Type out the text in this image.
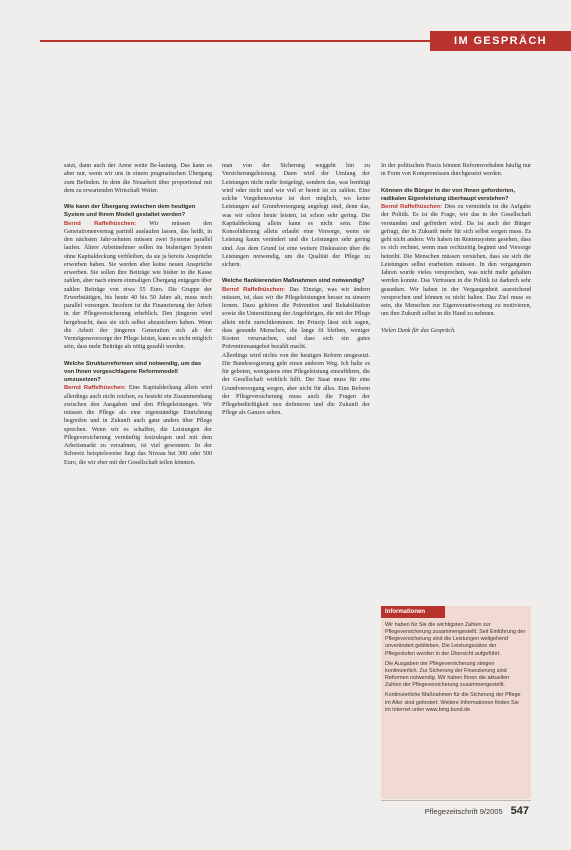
IM GESPRÄCH

satzt, dann auch der Arme weite Be-lastung. Das kann es aber nur, wenn wir uns in einem pragmatischen Übergang zum Befinden. In dem die Neuarbeit über proportional mit dem zu erwartenden Wirtschaft Weiter.

Wie kann der Übergang zwischen dem heutigen System und Ihrem Modell gestaltet werden?

Bernd Raffelhüschen: Wir müssen den Generationenvertrag partiell auslaufen lassen, das heißt, in den nächsten Jahr-zehnten müssen zwei Systeme parallel laufen. Ältere Arbeitnehmer sollen im bisherigen System ohne Kapitaldeckung verbleiben, da sie ja bereits Ansprüche erworben haben. Sie werden aber keine neuen Ansprüche erwerben. Sie sollen ihre Beiträge wie bisher in die Kasse zahlen, aber nach einem einmaligen Übergang entgegen über zahlen Beiträge von etwa 55 Euro. Die Gruppe der Erwerbstätigen, bis heute 40 bis 50 Jahre alt, muss noch parallel vorsorgen. Insofern ist die Finanzierung der Arbeit in der Pflegeversicherung erheblich. Den jüngeren wird hergebracht, dass sie sich selbst abzusichern haben. Wenn die Arbeit der jüngeren Generation sich ab der Vermögensvorsorge der Pflege leistet, kann es nicht möglich sein, dass mehr Beiträge als nötig gezahlt werden.

Welche Strukturreformen sind notwendig, um das von Ihnen vorgeschlagene Reformmodell umzusetzen?

Bernd Raffelhüschen: Eine Kapitaldeckung allein wird allerdings auch nicht reichen, es besteht ein Zusammenhang zwischen den Ausgaben und den Pflegeleistungen. Wir müssen die Pflege als eine eigenständige Einrichtung begreifen und in Zukunft auch ganz anders über Pflege sprechen. Wenn wir es schaffen, die Leistungen der Pflegeversicherung vernünftig festzulegen und mit dem Arbeitsmarkt zu verzahnen, ist viel gewonnen. In der Schweiz beispielsweise liegt das Niveau bei 300 oder 500 Euro, die wir eher mit der Gesellschaft teilen könnten.

man von der Sicherung weggeht hin zu Versicherungsleistung. Dann wird der Umfang der Leistungen nicht mehr festgelegt, sondern das, was benötigt wird oder nicht und wie viel er bereit ist zu zahlen. Eine solche Vorgehensweise ist dort möglich, wo keine Leistungen auf Grundversorgung angelegt sind, denn das, was wir schon heute leisten, ist schon sehr gering. Die Kapitaldeckung allein kann es nicht sein. Eine Konsolidierung allein erlaubt eine Vorsorge, wenn sie Leistung kaum verändert und die Leistungen sehr gering sind. Aus dem Grund ist eine weitere Diskussion über die Leistungen notwendig, um die Qualität der Pflege zu sichern.

Welche flankierenden Maßnahmen sind notwendig?

Bernd Raffelhüschen: Das Einzige, was wir ändern müssen, ist, dass wir die Pflegeleistungen besser zu steuern lernen. Dazu gehören die Prävention und Rehabilitation sowie die Unterstützung der Angehörigen, die mit der Pflege allein nicht zurechtkommen. Im Prinzip lässt sich sagen, dass gesunde Menschen, die lange fit bleiben, weniger Kosten verursachen, und dass sich ein gutes Präventionsangebot bezahlt macht.

Allerdings wird nichts von der heutigen Reform umgesetzt. Die Bundesregierung geht einen anderen Weg. Ich halte es für geboten, wenigstens eine Pflegeleistung einzuführen, die der Gesellschaft wirklich hilft. Der Staat muss für eine Grundversorgung sorgen, aber nicht für alles. Eine Reform der Pflegeversicherung muss auch die Fragen der Pflegebedürftigkeit neu definieren und die Zukunft der Pflege als Ganzes sehen.

In der politischen Praxis können Reformvorhaben häufig nur in Form von Kompromissen durchgesetzt werden.

Können die Bürger in der von Ihnen geforderten, radikalen Eigenleistung überhaupt verstehen?

Bernd Raffelhüschen: Dies zu vermitteln ist die Aufgabe der Politik. Es ist die Frage, wie das in der Gesellschaft verstanden und gefördert wird. Da ist auch der Bürger gefragt, der in Zukunft mehr für sich selbst sorgen muss. Es geht nicht anders: Wir haben im Rentensystem gesehen, dass es sich rechnet, wenn man rechtzeitig beginnt und Vorsorge betreibt. Die Menschen müssen verstehen, dass sie sich die Leistungen selbst erarbeiten müssen. In den vergangenen Jahren wurde vieles versprochen, was nicht mehr gehalten werden konnte. Das Vertrauen in die Politik ist dadurch sehr gesunken. Wir haben in der Vergangenheit ausreichend versprochen und können es nicht halten. Das Ziel muss es sein, die Menschen zur Eigenverantwortung zu motivieren, um ihre Zukunft selbst in die Hand zu nehmen.

Vielen Dank für das Gespräch.

Informationen

Wir haben für Sie die wichtigsten Zahlen zur Pflegeversicherung zusammengestellt. Seit Einführung der Pflegeversicherung sind die Leistungen weitgehend unverändert geblieben. Die Leistungssätze der Pflegestufen werden in der Übersicht aufgeführt.

Die Ausgaben der Pflegeversicherung steigen kontinuierlich. Zur Sicherung der Finanzierung sind Reformen notwendig. Wir haben Ihnen die aktuellen Zahlen der Pflegeversicherung zusammengestellt.

Kontinuierliche Maßnahmen für die Sicherung der Pflege im Alter sind gefordert. Weitere Informationen finden Sie im Internet unter www.bmg.bund.de

Pflegezeitschrift 9/2005 547
